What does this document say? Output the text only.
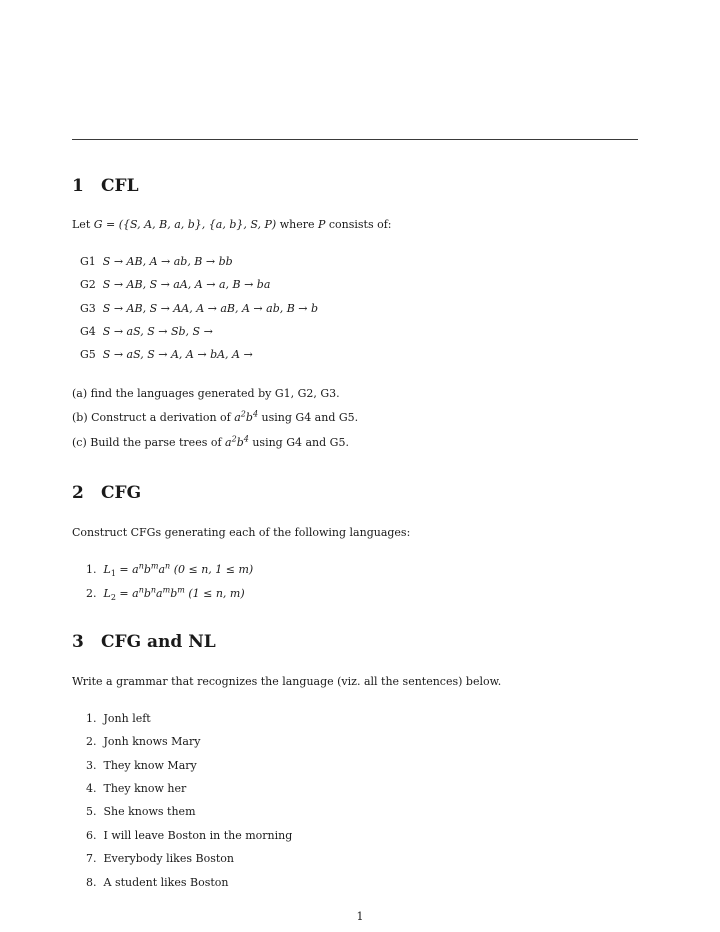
1 CFL
Let G = ({S, A, B, a, b}, {a, b}, S, P) where P consists of:
G1 S → AB, A → ab, B → bb
G2 S → AB, S → aA, A → a, B → ba
G3 S → AB, S → AA, A → aB, A → ab, B → b
G4 S → aS, S → Sb, S →
G5 S → aS, S → A, A → bA, A →
(a) find the languages generated by G1, G2, G3.
(b) Construct a derivation of $a^2b^4$ using G4 and G5.
(c) Build the parse trees of $a^2b^4$ using G4 and G5.
2 CFG
Construct CFGs generating each of the following languages:
1. $L_1 = a^nb^ma^n$ (0 ≤ n, 1 ≤ m)
2. $L_2 = a^nb^na^mb^m$ (1 ≤ n, m)
3 CFG and NL
Write a grammar that recognizes the language (viz. all the sentences) below.
1. Jonh left
2. Jonh knows Mary
3. They know Mary
4. They know her
5. She knows them
6. I will leave Boston in the morning
7. Everybody likes Boston
8. A student likes Boston
1
